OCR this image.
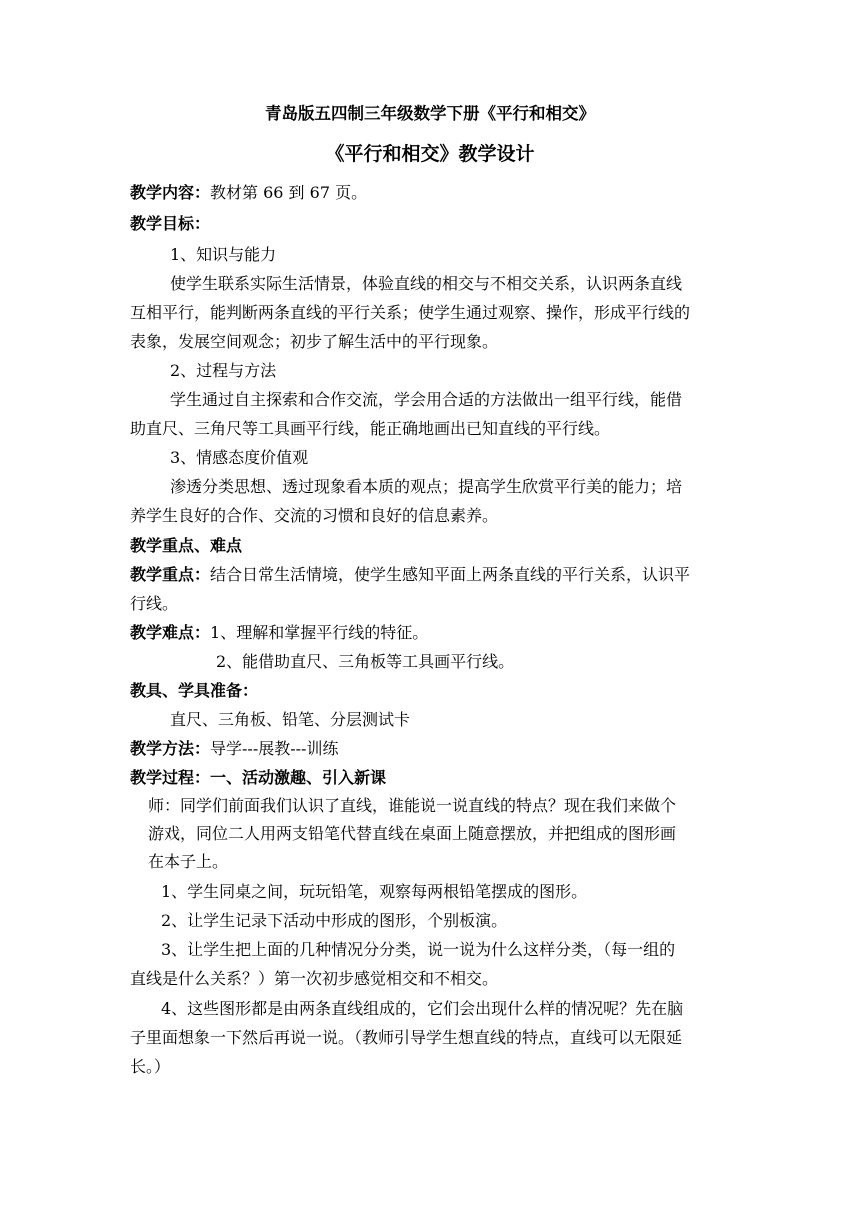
青岛版五四制三年级数学下册《平行和相交》
《平行和相交》教学设计
教学内容：教材第 66 到 67 页。
教学目标：
1、知识与能力
使学生联系实际生活情景，体验直线的相交与不相交关系，认识两条直线
互相平行，能判断两条直线的平行关系；使学生通过观察、操作，形成平行线的
表象，发展空间观念；初步了解生活中的平行现象。
2、过程与方法
学生通过自主探索和合作交流，学会用合适的方法做出一组平行线，能借
助直尺、三角尺等工具画平行线，能正确地画出已知直线的平行线。
3、情感态度价值观
渗透分类思想、透过现象看本质的观点；提高学生欣赏平行美的能力；培
养学生良好的合作、交流的习惯和良好的信息素养。
教学重点、难点
教学重点：结合日常生活情境，使学生感知平面上两条直线的平行关系，认识平
行线。
教学难点：1、理解和掌握平行线的特征。
2、能借助直尺、三角板等工具画平行线。
教具、学具准备：
直尺、三角板、铅笔、分层测试卡
教学方法：导学---展教---训练
教学过程：一、活动激趣、引入新课
师：同学们前面我们认识了直线，谁能说一说直线的特点？现在我们来做个
游戏，同位二人用两支铅笔代替直线在桌面上随意摆放，并把组成的图形画
在本子上。
1、学生同桌之间，玩玩铅笔，观察每两根铅笔摆成的图形。
2、让学生记录下活动中形成的图形，个别板演。
3、让学生把上面的几种情况分分类，说一说为什么这样分类，（每一组的
直线是什么关系？）第一次初步感觉相交和不相交。
4、这些图形都是由两条直线组成的，它们会出现什么样的情况呢？先在脑
子里面想象一下然后再说一说。（教师引导学生想直线的特点，直线可以无限延
长。）
